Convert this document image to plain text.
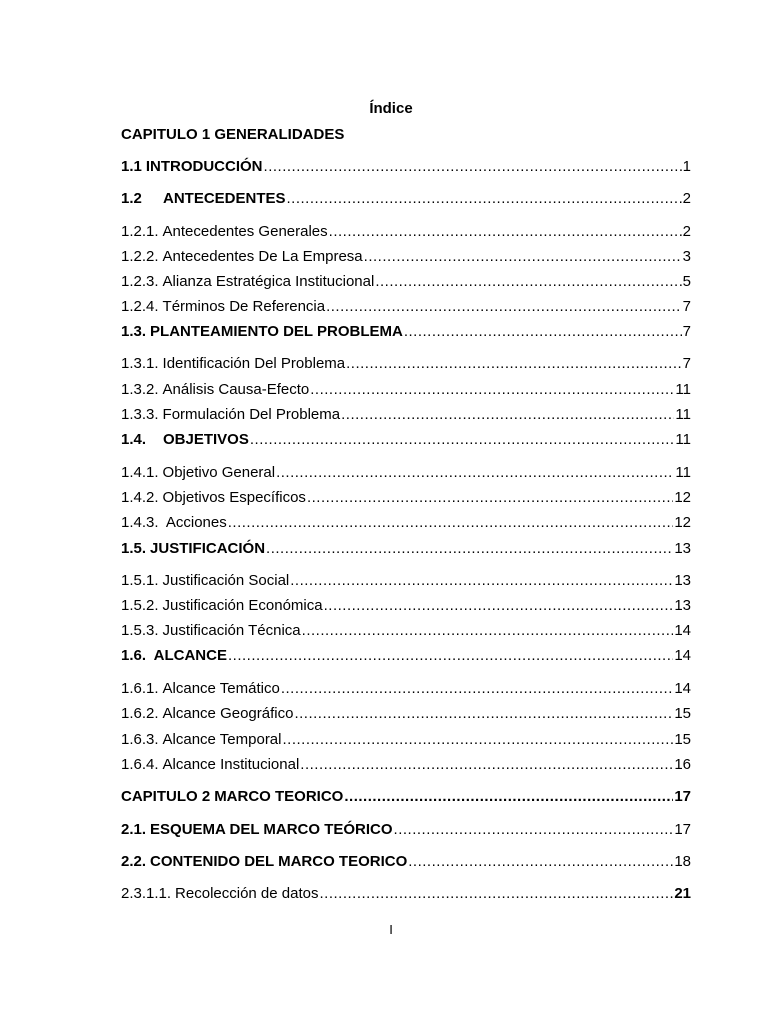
Índice
CAPITULO 1 GENERALIDADES
1.1 INTRODUCCIÓN .....	1
1.2 ANTECEDENTES .....	2
1.2.1. Antecedentes Generales .....	2
1.2.2. Antecedentes De La Empresa .....	3
1.2.3. Alianza Estratégica Institucional .....	5
1.2.4. Términos De Referencia .....	7
1.3. PLANTEAMIENTO DEL PROBLEMA .....	7
1.3.1. Identificación Del Problema .....	7
1.3.2. Análisis Causa-Efecto .....	11
1.3.3. Formulación Del Problema .....	11
1.4. OBJETIVOS .....	11
1.4.1. Objetivo General .....	11
1.4.2. Objetivos Específicos .....	12
1.4.3. Acciones .....	12
1.5. JUSTIFICACIÓN .....	13
1.5.1. Justificación Social .....	13
1.5.2. Justificación Económica .....	13
1.5.3. Justificación Técnica .....	14
1.6. ALCANCE .....	14
1.6.1. Alcance Temático .....	14
1.6.2. Alcance Geográfico .....	15
1.6.3. Alcance Temporal .....	15
1.6.4. Alcance Institucional .....	16
CAPITULO 2 MARCO TEORICO .....	17
2.1. ESQUEMA DEL MARCO TEÓRICO .....	17
2.2. CONTENIDO DEL MARCO TEORICO .....	18
2.3.1.1. Recolección de datos .....	21
I
